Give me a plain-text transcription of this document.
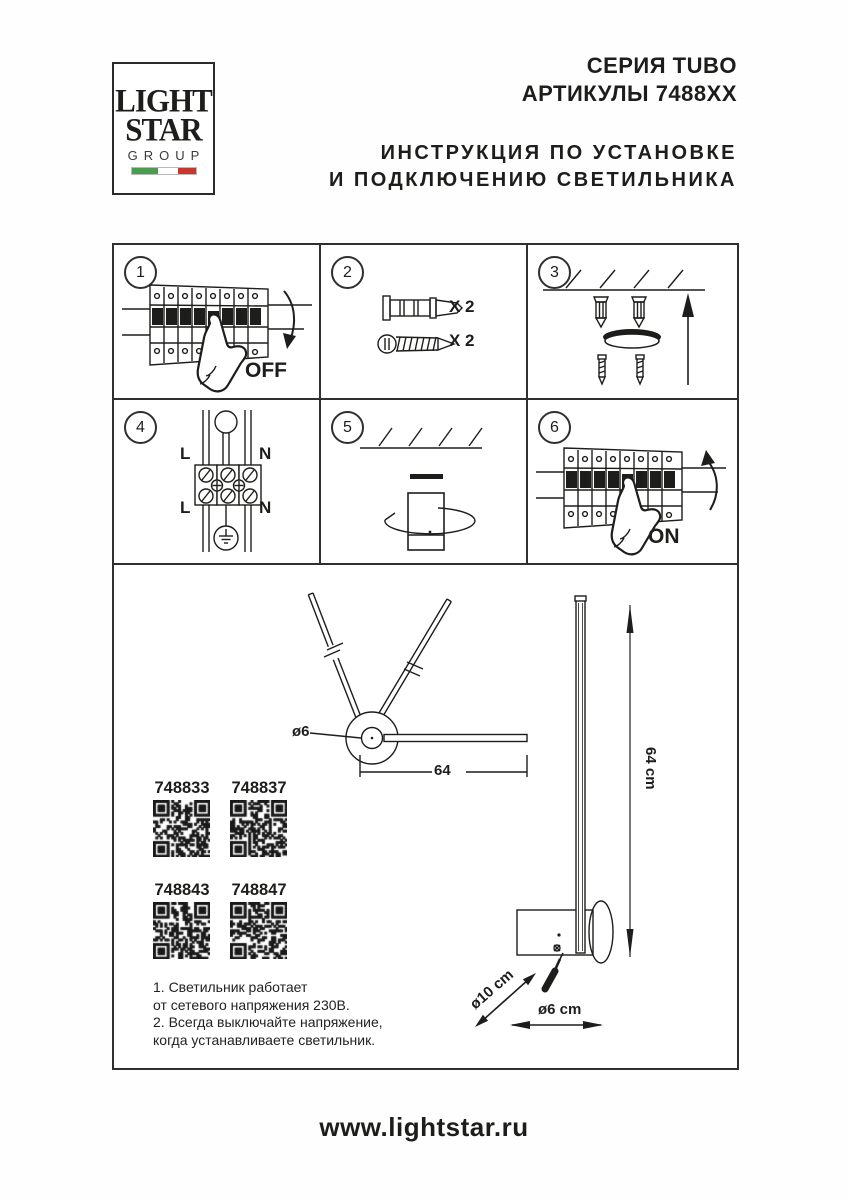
LIGHT
STAR
GROUP
СЕРИЯ TUBO
АРТИКУЛЫ 7488XX
ИНСТРУКЦИЯ ПО УСТАНОВКЕ
И ПОДКЛЮЧЕНИЮ СВЕТИЛЬНИКА
1
OFF
2
X 2
X 2
3
4
L	N
L	N
5	6
ON
ø6
64	64 cm
ø10 cm ø6 cm
748833 748837
748843 748847
1. Светильник работает
от сетевого напряжения 230В.
2. Всегда выключайте напряжение,
когда устанавливаете светильник.
www.lightstar.ru
